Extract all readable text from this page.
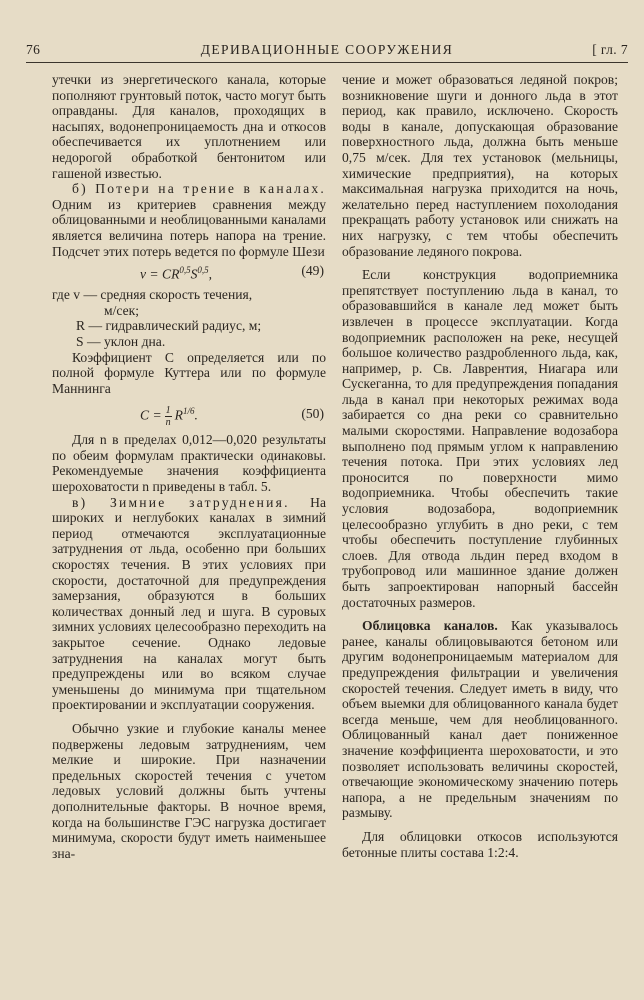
76	ДЕРИВАЦИОННЫЕ СООРУЖЕНИЯ	[ гл. 7

утечки из энергетического канала, которые пополняют грунтовый поток, часто могут быть оправданы. Для каналов, проходящих в насыпях, водонепроницаемость дна и откосов обеспечивается их уплотнением или недорогой обработкой бентонитом или гашеной известью.

б) Потери на трение в каналах. Одним из критериев сравнения между облицованными и необлицованными каналами является величина потерь напора на трение. Подсчет этих потерь ведется по формуле Шези

$v = CR^{0,5}S^{0,5}$,	(49)

где v — средняя скорость течения,

м/сек;

R — гидравлический радиус, м;

S — уклон дна.

Коэффициент C определяется или по полной формуле Куттера или по формуле Маннинга

$C = \frac{1}{n} R^{1/6}$.	(50)

Для n в пределах 0,012—0,020 результаты по обеим формулам практически одинаковы. Рекомендуемые значения коэффициента шероховатости n приведены в табл. 5.

в) Зимние затруднения. На широких и неглубоких каналах в зимний период отмечаются эксплуатационные затруднения от льда, особенно при больших скоростях течения. В этих условиях при скорости, достаточной для предупреждения замерзания, образуются в больших количествах донный лед и шуга. В суровых зимних условиях целесообразно переходить на закрытое сечение. Однако ледовые затруднения на каналах могут быть предупреждены или во всяком случае уменьшены до минимума при тщательном проектировании и эксплуатации сооружения.

Обычно узкие и глубокие каналы менее подвержены ледовым затруднениям, чем мелкие и широкие. При назначении предельных скоростей течения с учетом ледовых условий должны быть учтены дополнительные факторы. В ночное время, когда на большинстве ГЭС нагрузка достигает минимума, скорости будут иметь наименьшее зна-

чение и может образоваться ледяной покров; возникновение шуги и донного льда в этот период, как правило, исключено. Скорость воды в канале, допускающая образование поверхностного льда, должна быть меньше 0,75 м/сек. Для тех установок (мельницы, химические предприятия), на которых максимальная нагрузка приходится на ночь, желательно перед наступлением похолодания прекращать работу установок или снижать на них нагрузку, с тем чтобы обеспечить образование ледяного покрова.

Если конструкция водоприемника препятствует поступлению льда в канал, то образовавшийся в канале лед может быть извлечен в процессе эксплуатации. Когда водоприемник расположен на реке, несущей большое количество раздробленного льда, как, например, р. Св. Лаврентия, Ниагара или Сускеганна, то для предупреждения попадания льда в канал при некоторых режимах вода забирается со дна реки со сравнительно малыми скоростями. Направление водозабора выполнено под прямым углом к направлению течения потока. При этих условиях лед проносится по поверхности мимо водоприемника. Чтобы обеспечить такие условия водозабора, водоприемник целесообразно углубить в дно реки, с тем чтобы обеспечить поступление глубинных слоев. Для отвода льдин перед входом в трубопровод или машинное здание должен быть запроектирован напорный бассейн достаточных размеров.

Облицовка каналов. Как указывалось ранее, каналы облицовываются бетоном или другим водонепроницаемым материалом для предупреждения фильтрации и увеличения скоростей течения. Следует иметь в виду, что объем выемки для облицованного канала будет всегда меньше, чем для необлицованного. Облицованный канал дает пониженное значение коэффициента шероховатости, и это позволяет использовать величины скоростей, отвечающие экономическому значению потерь напора, а не предельным значениям по размыву.

Для облицовки откосов используются бетонные плиты состава 1:2:4.
